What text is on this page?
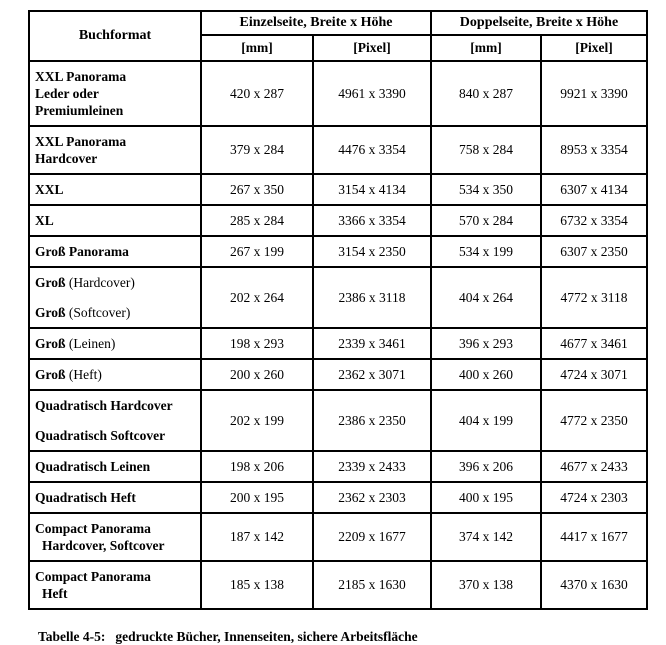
Buchformat	Einzelseite, Breite x Höhe		Doppelseite, Breite x Höhe	
	[mm]	[Pixel]	[mm]	[Pixel]

XXL Panorama
Leder oder
Premiumleinen	420 x 287	4961 x 3390	840 x 287	9921 x 3390

XXL Panorama
Hardcover	379 x 284	4476 x 3354	758 x 284	8953 x 3354

XXL	267 x 350	3154 x 4134	534 x 350	6307 x 4134

XL	285 x 284	3366 x 3354	570 x 284	6732 x 3354

Groß Panorama	267 x 199	3154 x 2350	534 x 199	6307 x 2350

Groß (Hardcover)
Groß (Softcover)	202 x 264	2386 x 3118	404 x 264	4772 x 3118

Groß (Leinen)	198 x 293	2339 x 3461	396 x 293	4677 x 3461

Groß (Heft)	200 x 260	2362 x 3071	400 x 260	4724 x 3071

Quadratisch Hardcover
Quadratisch Softcover	202 x 199	2386 x 2350	404 x 199	4772 x 2350

Quadratisch Leinen	198 x 206	2339 x 2433	396 x 206	4677 x 2433

Quadratisch Heft	200 x 195	2362 x 2303	400 x 195	4724 x 2303

Compact Panorama
Hardcover, Softcover	187 x 142	2209 x 1677	374 x 142	4417 x 1677

Compact Panorama
Heft	185 x 138	2185 x 1630	370 x 138	4370 x 1630
Tabelle 4-5: gedruckte Bücher, Innenseiten, sichere Arbeitsfläche
